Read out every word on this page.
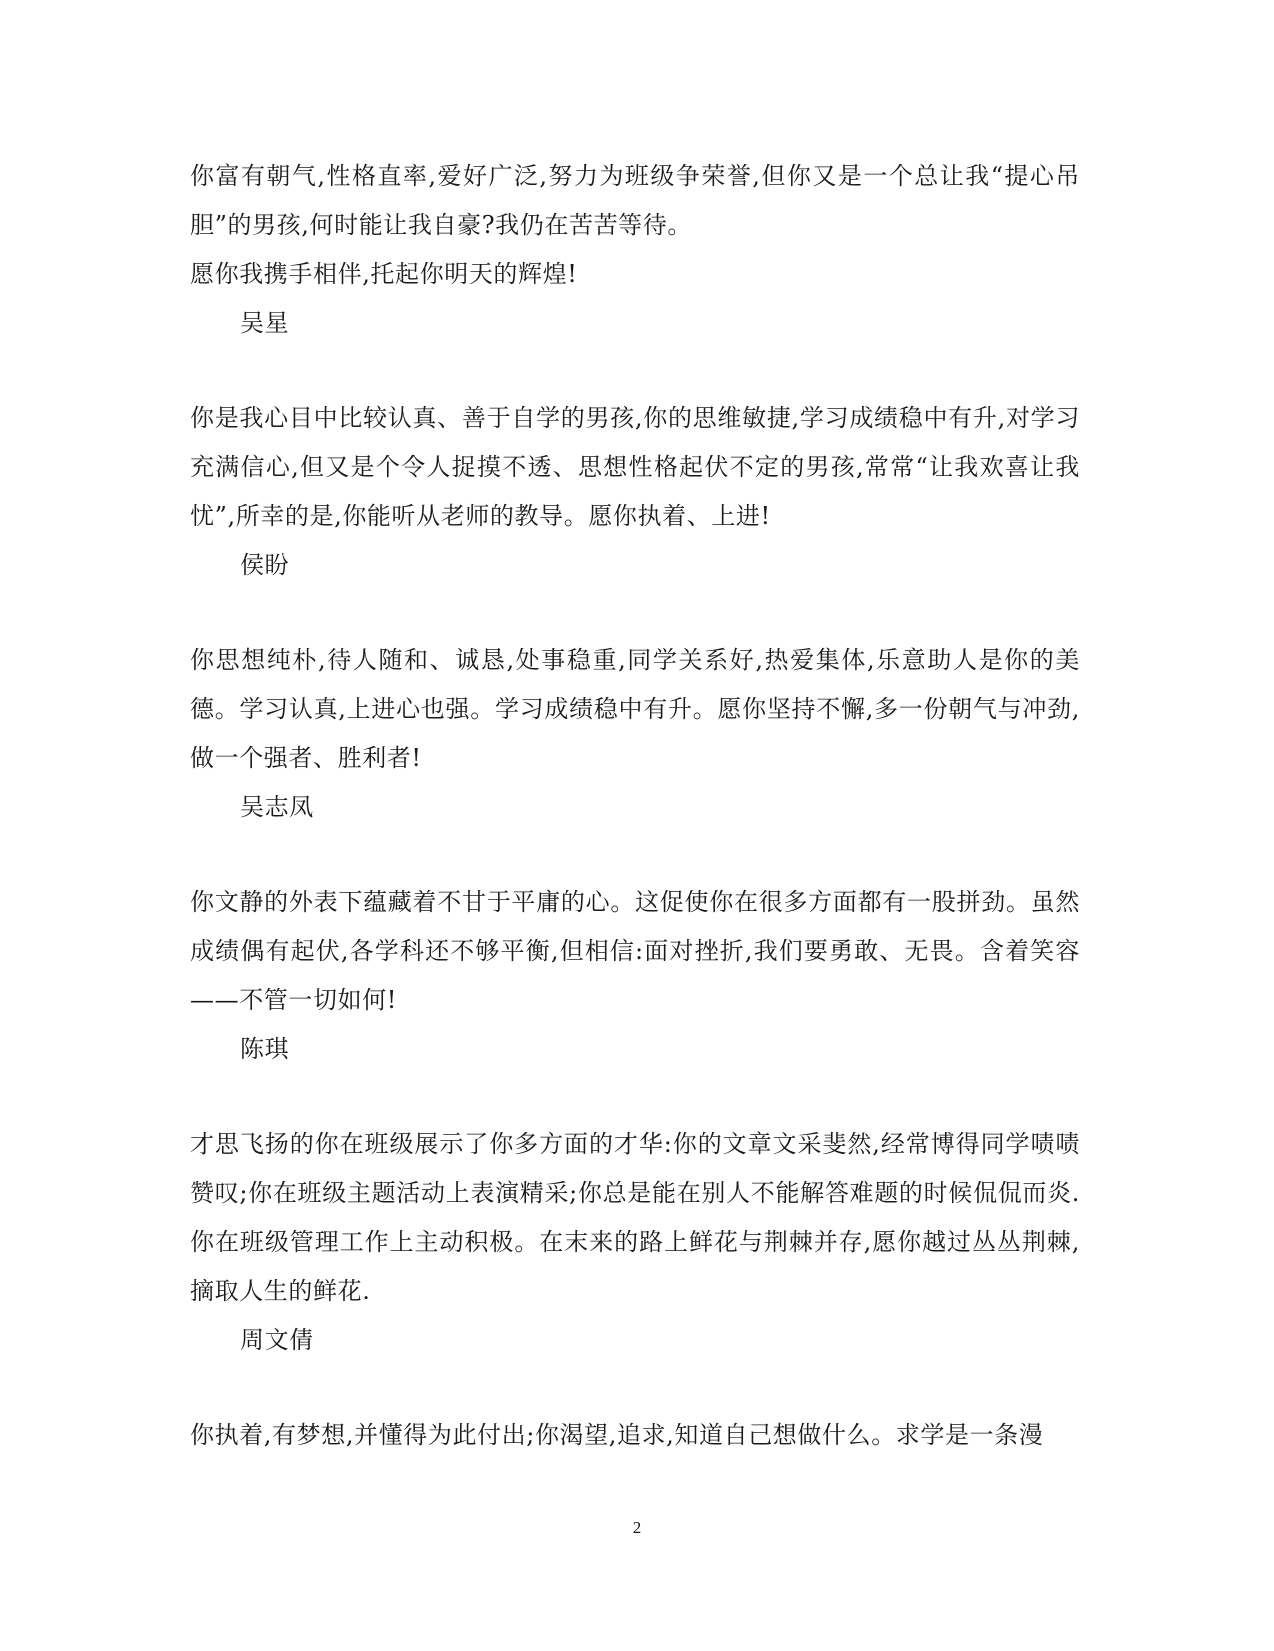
你富有朝气,性格直率,爱好广泛,努力为班级争荣誉,但你又是一个总让我“提心吊胆”的男孩,何时能让我自豪?我仍在苦苦等待。

愿你我携手相伴,托起你明天的辉煌!

吴星

你是我心目中比较认真、善于自学的男孩,你的思维敏捷,学习成绩稳中有升,对学习充满信心,但又是个令人捉摸不透、思想性格起伏不定的男孩,常常“让我欢喜让我忧”,所幸的是,你能听从老师的教导。愿你执着、上进!

侯盼

你思想纯朴,待人随和、诚恳,处事稳重,同学关系好,热爱集体,乐意助人是你的美德。学习认真,上进心也强。学习成绩稳中有升。愿你坚持不懈,多一份朝气与冲劲,做一个强者、胜利者!

吴志凤

你文静的外表下蕴藏着不甘于平庸的心。这促使你在很多方面都有一股拼劲。虽然成绩偶有起伏,各学科还不够平衡,但相信:面对挫折,我们要勇敢、无畏。含着笑容——不管一切如何!

陈琪

才思飞扬的你在班级展示了你多方面的才华:你的文章文采斐然,经常博得同学啧啧赞叹;你在班级主题活动上表演精采;你总是能在别人不能解答难题的时候侃侃而炎.你在班级管理工作上主动积极。在末来的路上鲜花与荆棘并存,愿你越过丛丛荆棘,摘取人生的鲜花.

周文倩

你执着,有梦想,并懂得为此付出;你渴望,追求,知道自己想做什么。求学是一条漫

2
